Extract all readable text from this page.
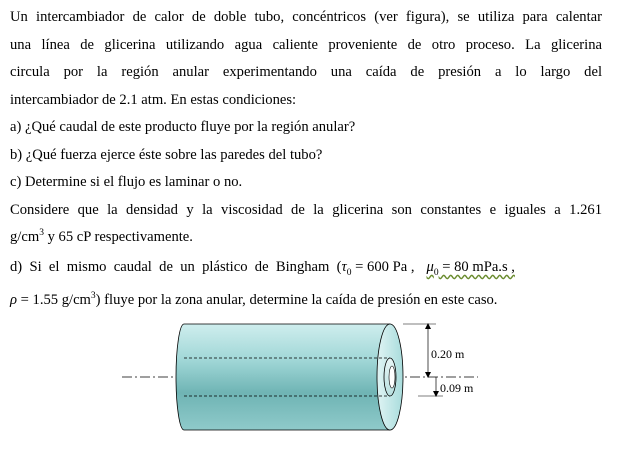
Un intercambiador de calor de doble tubo, concéntricos (ver figura), se utiliza para calentar
una línea de glicerina utilizando agua caliente proveniente de otro proceso. La glicerina
circula por la región anular experimentando una caída de presión a lo largo del
intercambiador de 2.1 atm. En estas condiciones:
a) ¿Qué caudal de este producto fluye por la región anular?
b) ¿Qué fuerza ejerce éste sobre las paredes del tubo?
c) Determine si el flujo es laminar o no.
Considere que la densidad y la viscosidad de la glicerina son constantes e iguales a 1.261
$g/cm^3$ y 65 cP respectivamente.
d)  Si  el  mismo  caudal  de  un  plástico  de  Bingham  ($\tau_0 = 600$ Pa , $\mu_0 = 80$ mPa.s ,
ρ = 1.55 $g/cm^3$) fluye por la zona anular, determine la caída de presión en este caso.
0.20 m
0.09 m
